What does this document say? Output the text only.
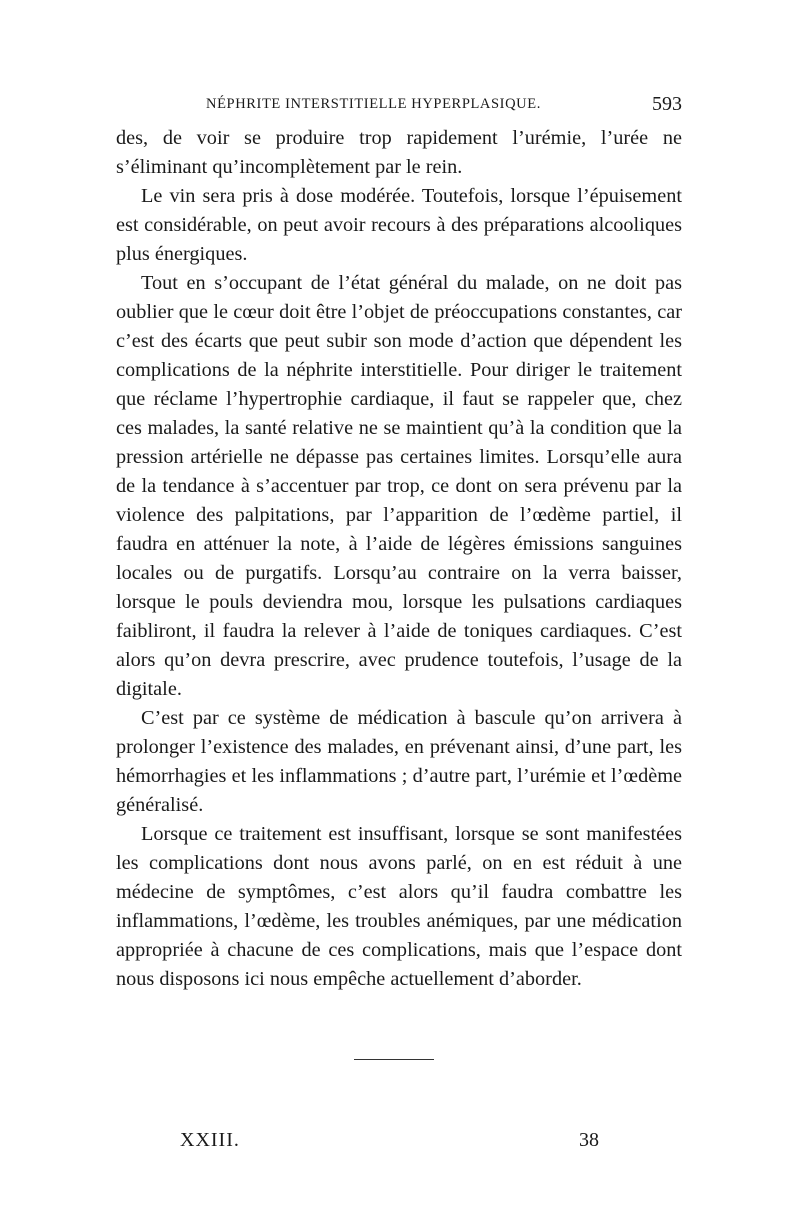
NÉPHRITE INTERSTITIELLE HYPERPLASIQUE.	593

des, de voir se produire trop rapidement l’urémie, l’urée ne s’éliminant qu’incomplètement par le rein.

Le vin sera pris à dose modérée. Toutefois, lorsque l’épuisement est considérable, on peut avoir recours à des préparations alcooliques plus énergiques.

Tout en s’occupant de l’état général du malade, on ne doit pas oublier que le cœur doit être l’objet de préoccupations constantes, car c’est des écarts que peut subir son mode d’action que dépendent les complications de la néphrite interstitielle. Pour diriger le traitement que réclame l’hypertrophie cardiaque, il faut se rappeler que, chez ces malades, la santé relative ne se maintient qu’à la condition que la pression artérielle ne dépasse pas certaines limites. Lorsqu’elle aura de la tendance à s’accentuer par trop, ce dont on sera prévenu par la violence des palpitations, par l’apparition de l’œdème partiel, il faudra en atténuer la note, à l’aide de légères émissions sanguines locales ou de purgatifs. Lorsqu’au contraire on la verra baisser, lorsque le pouls deviendra mou, lorsque les pulsations cardiaques faibliront, il faudra la relever à l’aide de toniques cardiaques. C’est alors qu’on devra prescrire, avec prudence toutefois, l’usage de la digitale.

C’est par ce système de médication à bascule qu’on arrivera à prolonger l’existence des malades, en prévenant ainsi, d’une part, les hémorrhagies et les inflammations ; d’autre part, l’urémie et l’œdème généralisé.

Lorsque ce traitement est insuffisant, lorsque se sont manifestées les complications dont nous avons parlé, on en est réduit à une médecine de symptômes, c’est alors qu’il faudra combattre les inflammations, l’œdème, les troubles anémiques, par une médication appropriée à chacune de ces complications, mais que l’espace dont nous disposons ici nous empêche actuellement d’aborder.

XXIII.	38
